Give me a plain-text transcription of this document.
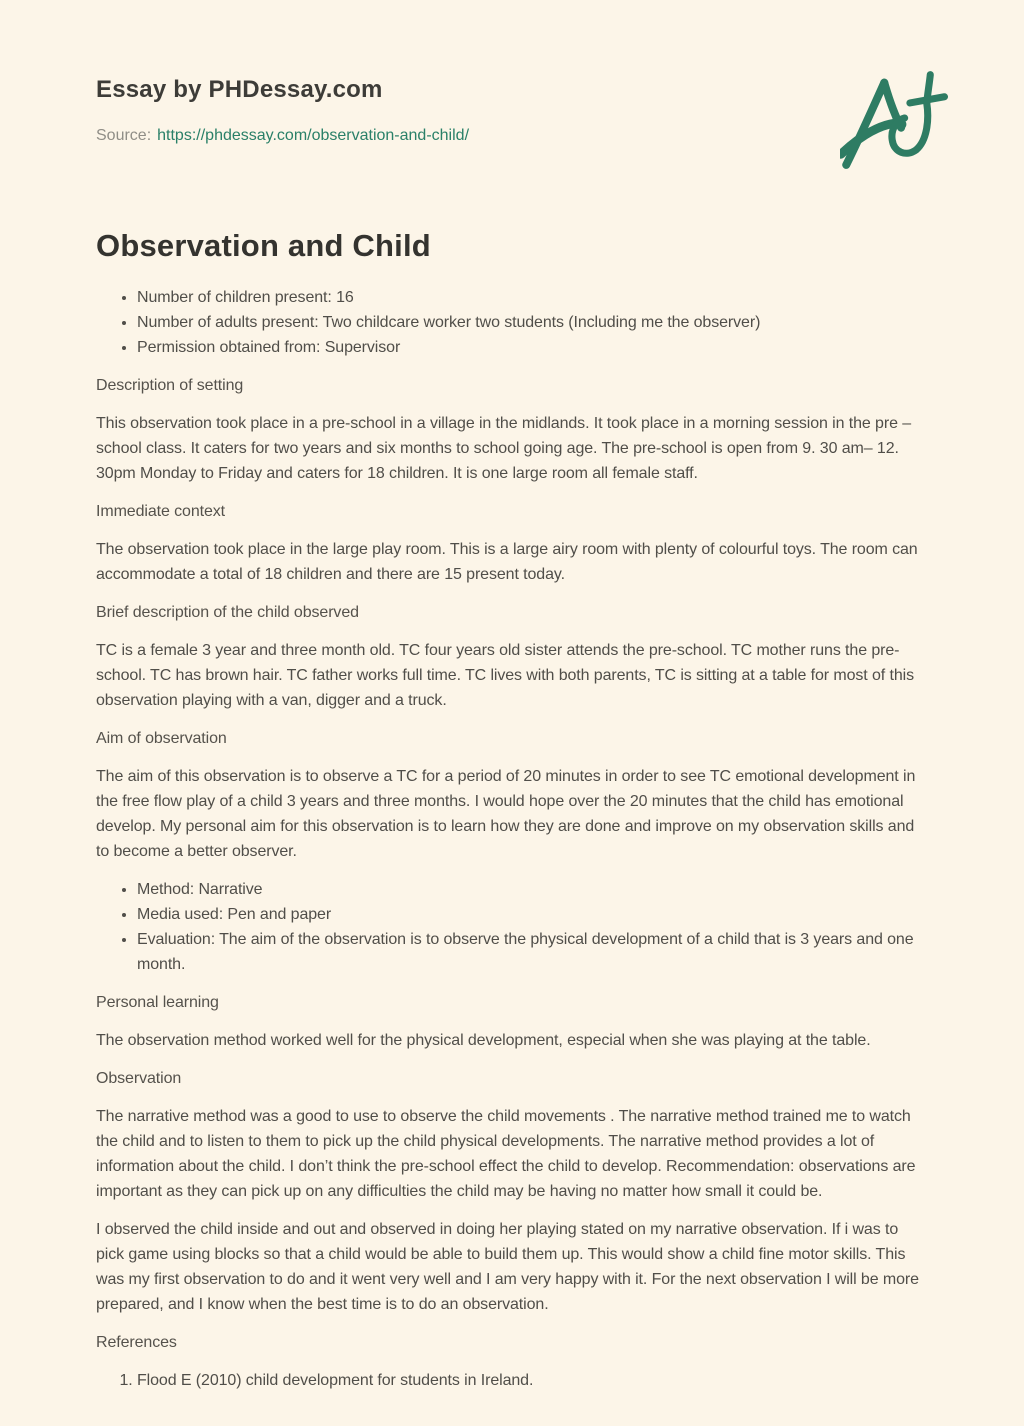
Essay by PHDessay.com

Source: https://phdessay.com/observation-and-child/

Observation and Child
• Number of children present: 16
• Number of adults present: Two childcare worker two students (Including me the observer)
• Permission obtained from: Supervisor

Description of setting

This observation took place in a pre-school in a village in the midlands. It took place in a morning session in the pre –school class. It caters for two years and six months to school going age. The pre-school is open from 9. 30 am– 12. 30pm Monday to Friday and caters for 18 children. It is one large room all female staff.

Immediate context

The observation took place in the large play room. This is a large airy room with plenty of colourful toys. The room can accommodate a total of 18 children and there are 15 present today.

Brief description of the child observed

TC is a female 3 year and three month old. TC four years old sister attends the pre-school. TC mother runs the pre-school. TC has brown hair. TC father works full time. TC lives with both parents, TC is sitting at a table for most of this observation playing with a van, digger and a truck.

Aim of observation

The aim of this observation is to observe a TC for a period of 20 minutes in order to see TC emotional development in the free flow play of a child 3 years and three months. I would hope over the 20 minutes that the child has emotional develop. My personal aim for this observation is to learn how they are done and improve on my observation skills and to become a better observer.

• Method: Narrative
• Media used: Pen and paper
• Evaluation: The aim of the observation is to observe the physical development of a child that is 3 years and one month.

Personal learning

The observation method worked well for the physical development, especial when she was playing at the table.

Observation

The narrative method was a good to use to observe the child movements . The narrative method trained me to watch the child and to listen to them to pick up the child physical developments. The narrative method provides a lot of information about the child. I don’t think the pre-school effect the child to develop. Recommendation: observations are important as they can pick up on any difficulties the child may be having no matter how small it could be.

I observed the child inside and out and observed in doing her playing stated on my narrative observation. If i was to pick game using blocks so that a child would be able to build them up. This would show a child fine motor skills. This was my first observation to do and it went very well and I am very happy with it. For the next observation I will be more prepared, and I know when the best time is to do an observation.

References

1. Flood E (2010) child development for students in Ireland.
